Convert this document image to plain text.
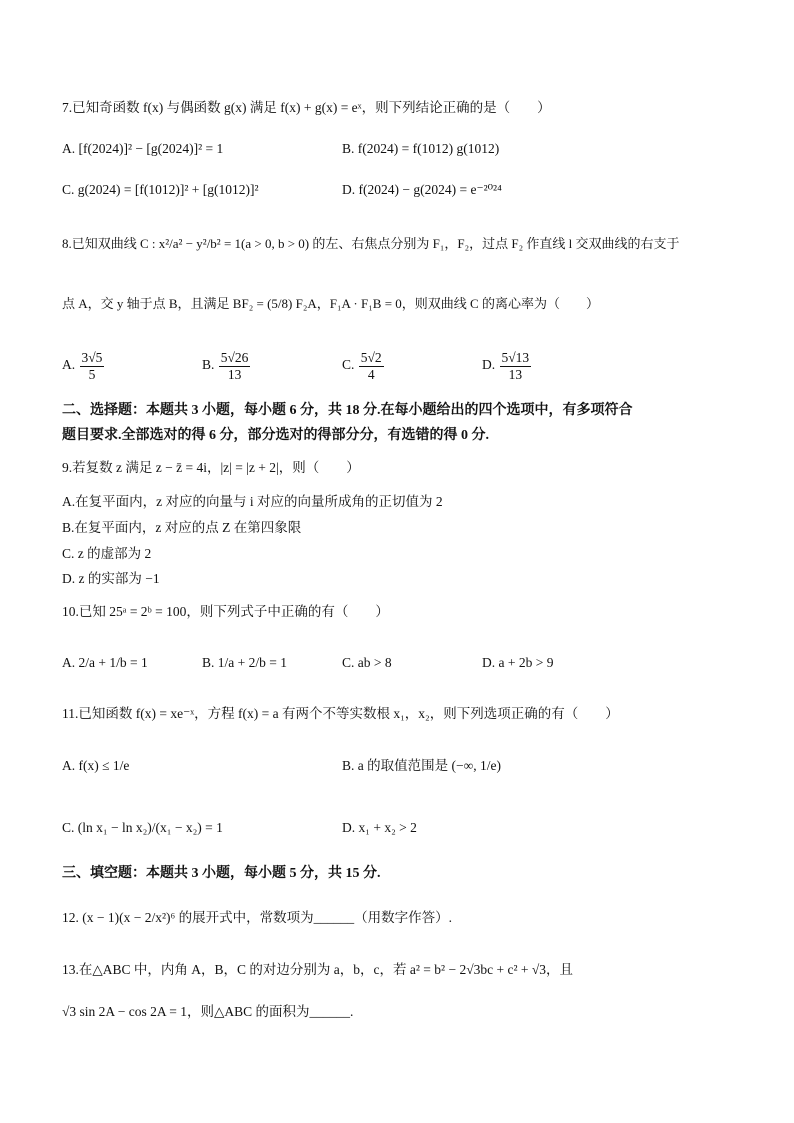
7.已知奇函数 f(x) 与偶函数 g(x) 满足 f(x) + g(x) = eˣ，则下列结论正确的是（　　）
A. [f(2024)]² − [g(2024)]² = 1	B. f(2024) = f(1012) g(1012)
C. g(2024) = [f(1012)]² + [g(1012)]²	D. f(2024) − g(2024) = e⁻²⁰²⁴
8.已知双曲线 C : x²/a² − y²/b² = 1(a > 0, b > 0) 的左、右焦点分别为 F₁，F₂，过点 F₂ 作直线 l 交双曲线的右支于
点 A，交 y 轴于点 B，且满足 BF₂ = (5/8) F₂A，F₁A · F₁B = 0，则双曲线 C 的离心率为（　　）
A. $\frac{3√5}{5}$	B. $\frac{5√26}{13}$	C. $\frac{5√2}{4}$	D. $\frac{5√13}{13}$
二、选择题：本题共 3 小题，每小题 6 分，共 18 分.在每小题给出的四个选项中，有多项符合
题目要求.全部选对的得 6 分，部分选对的得部分分，有选错的得 0 分.
9.若复数 z 满足 z − z̄ = 4i，|z| = |z + 2|，则（　　）
A.在复平面内，z 对应的向量与 i 对应的向量所成角的正切值为 2
B.在复平面内，z 对应的点 Z 在第四象限
C. z 的虚部为 2
D. z 的实部为 −1
10.已知 25ᵃ = 2ᵇ = 100，则下列式子中正确的有（　　）
A. 2/a + 1/b = 1	B. 1/a + 2/b = 1	C. ab > 8	D. a + 2b > 9
11.已知函数 f(x) = xe⁻ˣ，方程 f(x) = a 有两个不等实数根 x₁，x₂，则下列选项正确的有（　　）
A. f(x) ≤ 1/e	B. a 的取值范围是 (−∞, 1/e)
C. (ln x₁ − ln x₂)/(x₁ − x₂) = 1	D. x₁ + x₂ > 2
三、填空题：本题共 3 小题，每小题 5 分，共 15 分.
12. (x − 1)(x − 2/x²)⁶ 的展开式中，常数项为______（用数字作答）.
13.在△ABC 中，内角 A，B，C 的对边分别为 a，b，c，若 a² = b² − 2√3bc + c² + √3，且
√3 sin 2A − cos 2A = 1，则△ABC 的面积为______.
